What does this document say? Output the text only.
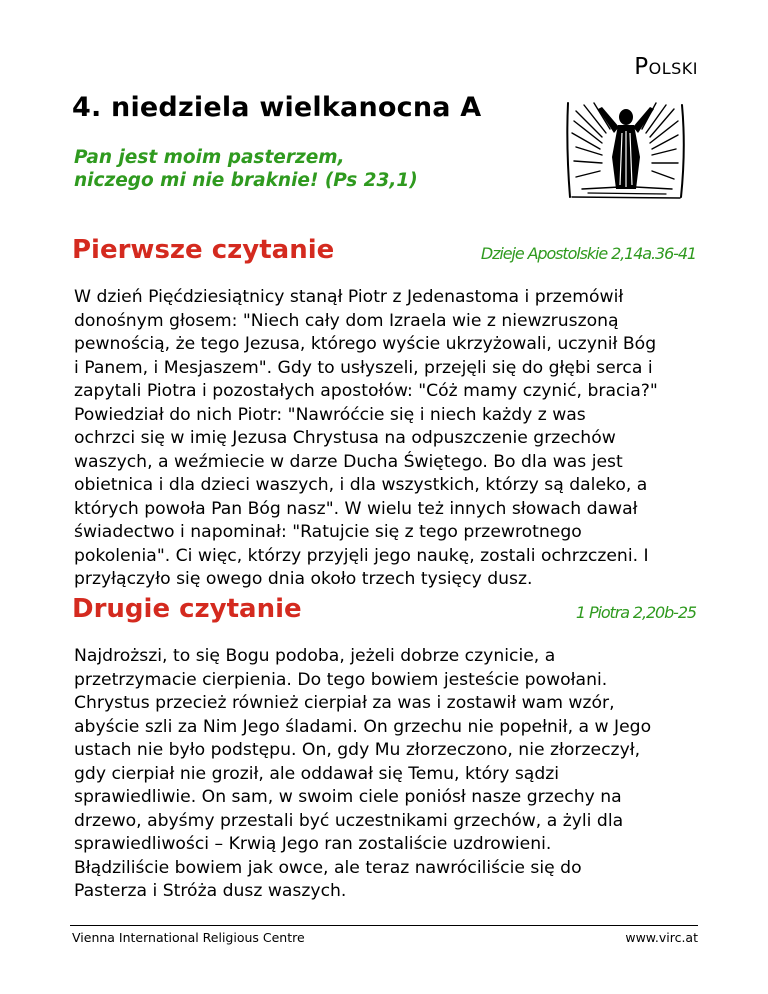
Polski
4. niedziela wielkanocna A
Pan jest moim pasterzem,
niczego mi nie braknie! (Ps 23,1)
Pierwsze czytanie	Dzieje Apostolskie 2,14a.36-41
W dzień Pięćdziesiątnicy stanął Piotr z Jedenastoma i przemówił
donośnym głosem: "Niech cały dom Izraela wie z niewzruszoną
pewnością, że tego Jezusa, którego wyście ukrzyżowali, uczynił Bóg
i Panem, i Mesjaszem". Gdy to usłyszeli, przejęli się do głębi serca i
zapytali Piotra i pozostałych apostołów: "Cóż mamy czynić, bracia?"
Powiedział do nich Piotr: "Nawróćcie się i niech każdy z was
ochrzci się w imię Jezusa Chrystusa na odpuszczenie grzechów
waszych, a weźmiecie w darze Ducha Świętego. Bo dla was jest
obietnica i dla dzieci waszych, i dla wszystkich, którzy są daleko, a
których powoła Pan Bóg nasz". W wielu też innych słowach dawał
świadectwo i napominał: "Ratujcie się z tego przewrotnego
pokolenia". Ci więc, którzy przyjęli jego naukę, zostali ochrzczeni. I
przyłączyło się owego dnia około trzech tysięcy dusz.
Drugie czytanie	1 Piotra 2,20b-25
Najdroższi, to się Bogu podoba, jeżeli dobrze czynicie, a
przetrzymacie cierpienia. Do tego bowiem jesteście powołani.
Chrystus przecież również cierpiał za was i zostawił wam wzór,
abyście szli za Nim Jego śladami. On grzechu nie popełnił, a w Jego
ustach nie było podstępu. On, gdy Mu złorzeczono, nie złorzeczył,
gdy cierpiał nie groził, ale oddawał się Temu, który sądzi
sprawiedliwie. On sam, w swoim ciele poniósł nasze grzechy na
drzewo, abyśmy przestali być uczestnikami grzechów, a żyli dla
sprawiedliwości – Krwią Jego ran zostaliście uzdrowieni.
Błądziliście bowiem jak owce, ale teraz nawróciliście się do
Pasterza i Stróża dusz waszych.
Vienna International Religious Centre	www.virc.at
